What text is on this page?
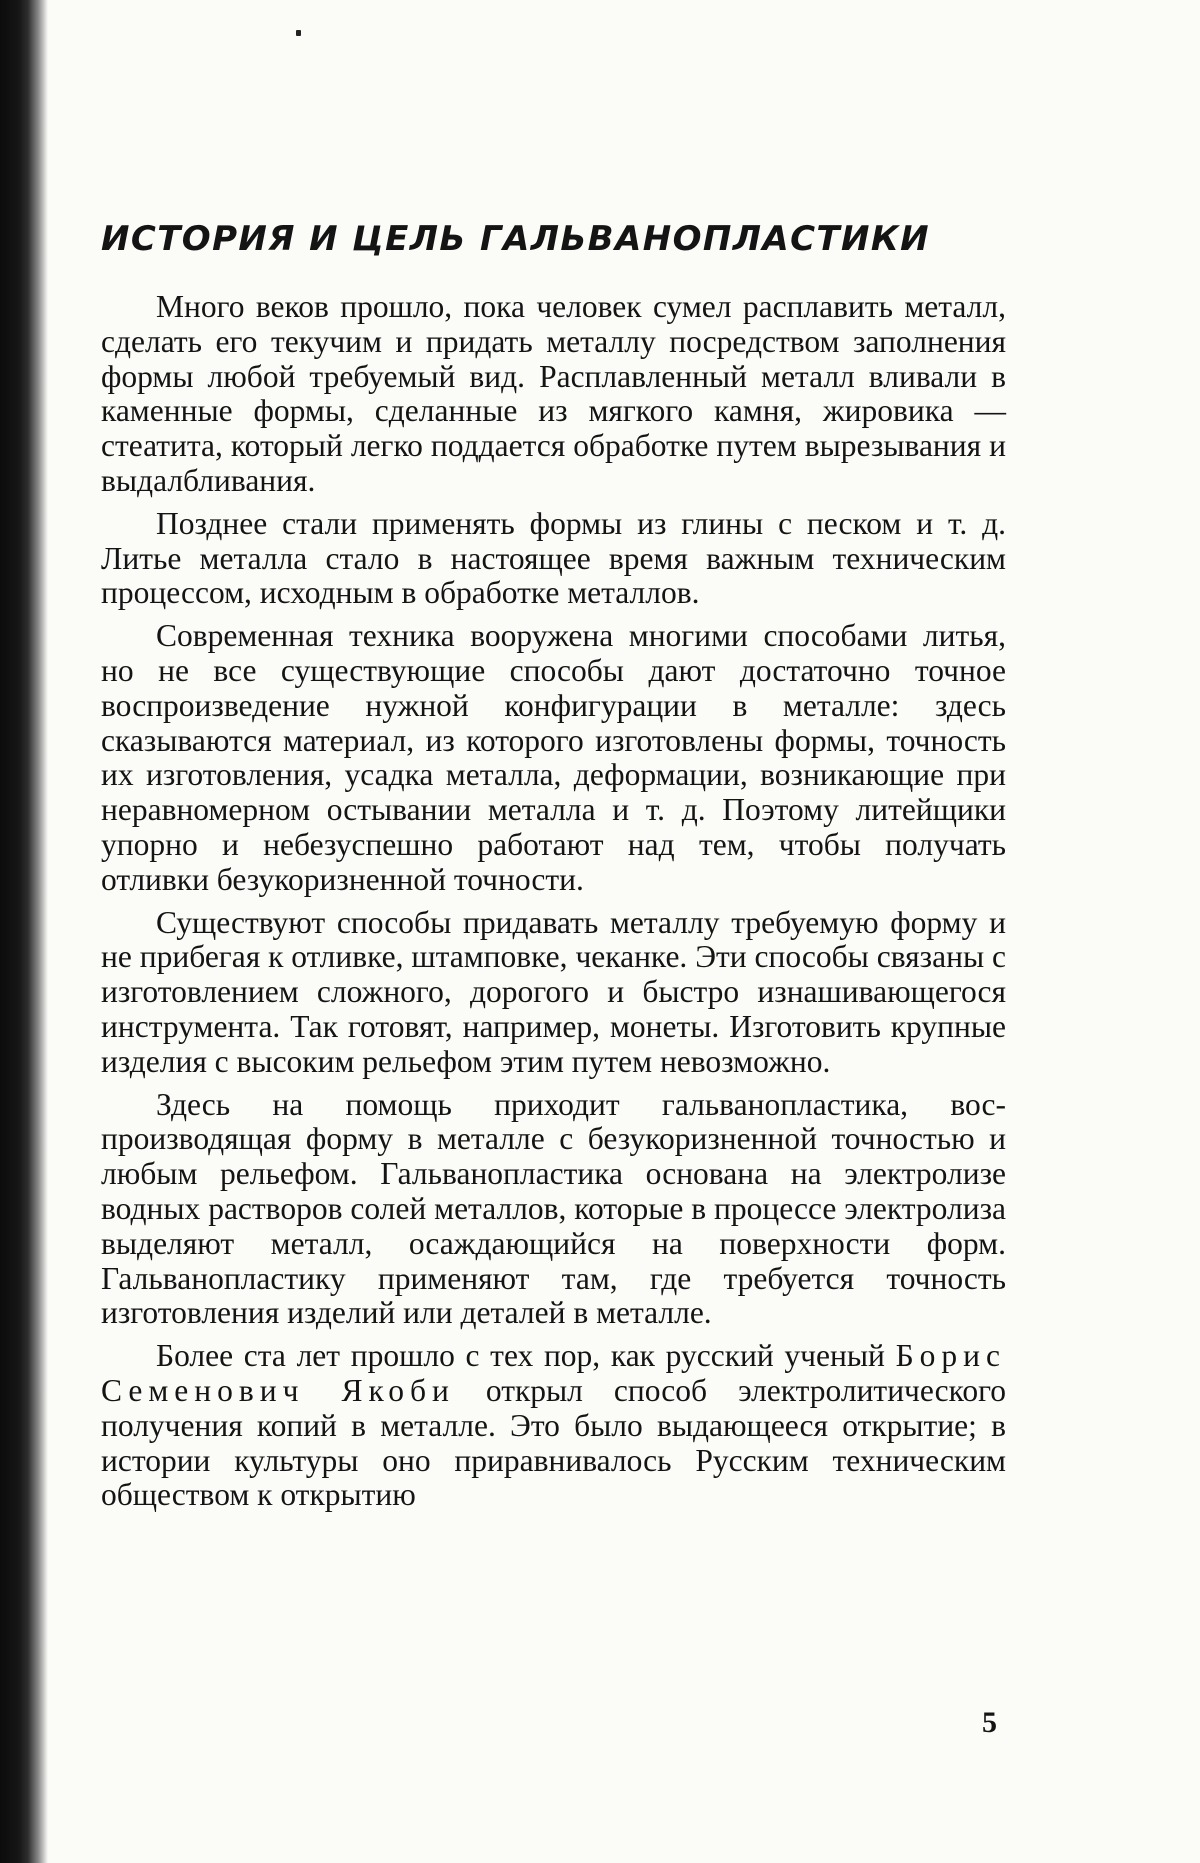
ИСТОРИЯ И ЦЕЛЬ ГАЛЬВАНОПЛАСТИКИ

Много веков прошло, пока человек сумел расплавить металл, сделать его текучим и придать металлу посредством заполнения формы любой требуемый вид. Расплавленный металл вливали в каменные формы, сделанные из мягкого камня, жировика — стеатита, который легко поддается обработке путем вырезывания и выдалбливания.

Позднее стали применять формы из глины с песком и т. д. Литье металла стало в настоящее время важным техническим процессом, исходным в обработке металлов.

Современная техника вооружена многими способами литья, но не все существующие способы дают достаточно точное воспроизведение нужной конфигурации в металле: здесь сказываются материал, из которого изготовлены формы, точность их изготовления, усадка металла, деформации, возникающие при неравномерном остывании металла и т. д. Поэтому литейщики упорно и небезуспешно работают над тем, чтобы получать отливки безукоризненной точности.

Существуют способы придавать металлу требуемую форму и не прибегая к отливке, штамповке, чеканке. Эти способы связаны с изготовлением сложного, дорогого и быстро изнашивающегося инструмента. Так готовят, например, монеты. Изготовить крупные изделия с высоким рельефом этим путем невозможно.

Здесь на помощь приходит гальванопластика, воспроизводящая форму в металле с безукоризненной точностью и любым рельефом. Гальванопластика основана на электролизе водных растворов солей металлов, которые в процессе электролиза выделяют металл, осаждающийся на поверхности форм. Гальванопластику применяют там, где требуется точность изготовления изделий или деталей в металле.

Более ста лет прошло с тех пор, как русский ученый Борис Семенович Якоби открыл способ электролитического получения копий в металле. Это было выдающееся открытие; в истории культуры оно приравнивалось Русским техническим обществом к открытию

5
